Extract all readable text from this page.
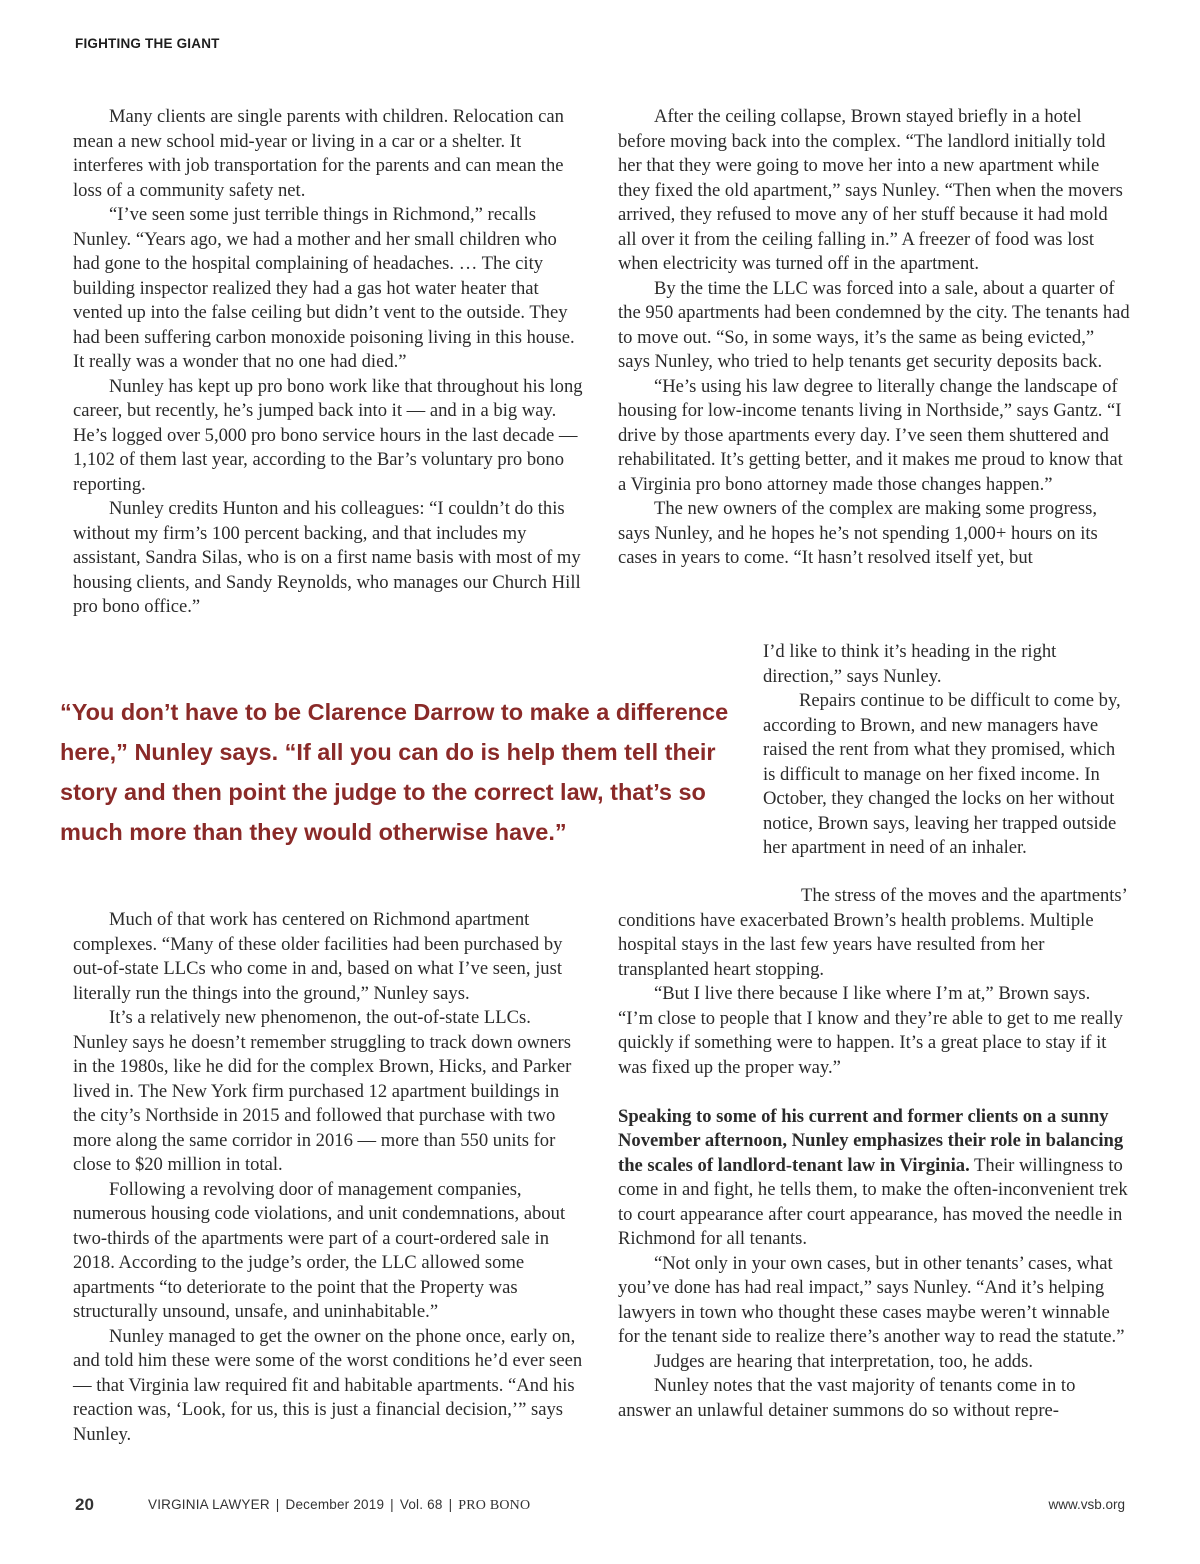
FIGHTING THE GIANT

Many clients are single parents with children. Relocation can mean a new school mid-year or living in a car or a shelter. It interferes with job transportation for the parents and can mean the loss of a community safety net.

“I’ve seen some just terrible things in Richmond,” recalls Nunley. “Years ago, we had a mother and her small children who had gone to the hospital complaining of headaches. … The city building inspector realized they had a gas hot water heater that vented up into the false ceiling but didn’t vent to the outside. They had been suffering carbon monoxide poisoning living in this house. It really was a wonder that no one had died.”

Nunley has kept up pro bono work like that throughout his long career, but recently, he’s jumped back into it — and in a big way. He’s logged over 5,000 pro bono service hours in the last decade — 1,102 of them last year, according to the Bar’s voluntary pro bono reporting.

Nunley credits Hunton and his colleagues: “I couldn’t do this without my firm’s 100 percent backing, and that includes my assistant, Sandra Silas, who is on a first name basis with most of my housing clients, and Sandy Reynolds, who manages our Church Hill pro bono office.”

“You don’t have to be Clarence Darrow to make a difference here,” Nunley says. “If all you can do is help them tell their story and then point the judge to the correct law, that’s so much more than they would otherwise have.”

Much of that work has centered on Richmond apartment complexes. “Many of these older facilities had been purchased by out-of-state LLCs who come in and, based on what I’ve seen, just literally run the things into the ground,” Nunley says.

It’s a relatively new phenomenon, the out-of-state LLCs. Nunley says he doesn’t remember struggling to track down owners in the 1980s, like he did for the complex Brown, Hicks, and Parker lived in. The New York firm purchased 12 apartment buildings in the city’s Northside in 2015 and followed that purchase with two more along the same corridor in 2016 — more than 550 units for close to $20 million in total.

Following a revolving door of management companies, numerous housing code violations, and unit condemnations, about two-thirds of the apartments were part of a court-ordered sale in 2018. According to the judge’s order, the LLC allowed some apartments “to deteriorate to the point that the Property was structurally unsound, unsafe, and uninhabitable.”

Nunley managed to get the owner on the phone once, early on, and told him these were some of the worst conditions he’d ever seen — that Virginia law required fit and habitable apartments. “And his reaction was, ‘Look, for us, this is just a financial decision,’” says Nunley.

After the ceiling collapse, Brown stayed briefly in a hotel before moving back into the complex. “The landlord initially told her that they were going to move her into a new apartment while they fixed the old apartment,” says Nunley. “Then when the movers arrived, they refused to move any of her stuff because it had mold all over it from the ceiling falling in.” A freezer of food was lost when electricity was turned off in the apartment.

By the time the LLC was forced into a sale, about a quarter of the 950 apartments had been condemned by the city. The tenants had to move out. “So, in some ways, it’s the same as being evicted,” says Nunley, who tried to help tenants get security deposits back.

“He’s using his law degree to literally change the landscape of housing for low-income tenants living in Northside,” says Gantz. “I drive by those apartments every day. I’ve seen them shuttered and rehabilitated. It’s getting better, and it makes me proud to know that a Virginia pro bono attorney made those changes happen.”

The new owners of the complex are making some progress, says Nunley, and he hopes he’s not spending 1,000+ hours on its cases in years to come. “It hasn’t resolved itself yet, but

I’d like to think it’s heading in the right direction,” says Nunley.

Repairs continue to be difficult to come by, according to Brown, and new managers have raised the rent from what they promised, which is difficult to manage on her fixed income. In October, they changed the locks on her without notice, Brown says, leaving her trapped outside her apartment in need of an inhaler.

The stress of the moves and the apartments’ conditions have exacerbated Brown’s health problems. Multiple hospital stays in the last few years have resulted from her transplanted heart stopping.

“But I live there because I like where I’m at,” Brown says. “I’m close to people that I know and they’re able to get to me really quickly if something were to happen. It’s a great place to stay if it was fixed up the proper way.”

Speaking to some of his current and former clients on a sunny November afternoon, Nunley emphasizes their role in balancing the scales of landlord-tenant law in Virginia. Their willingness to come in and fight, he tells them, to make the often-inconvenient trek to court appearance after court appearance, has moved the needle in Richmond for all tenants.

“Not only in your own cases, but in other tenants’ cases, what you’ve done has had real impact,” says Nunley. “And it’s helping lawyers in town who thought these cases maybe weren’t winnable for the tenant side to realize there’s another way to read the statute.”

Judges are hearing that interpretation, too, he adds.

Nunley notes that the vast majority of tenants come in to answer an unlawful detainer summons do so without repre-

20	VIRGINIA LAWYER | December 2019 | Vol. 68 | PRO BONO	www.vsb.org
